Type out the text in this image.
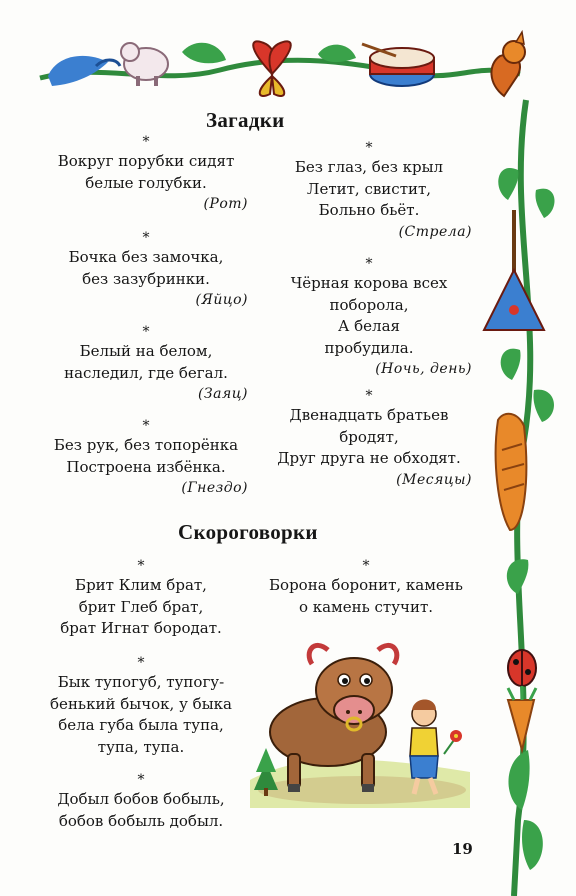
Загадки
*
Вокруг порубки сидят
белые голубки.
(Рот)
*
Бочка без замочка,
без зазубринки.
(Яйцо)
*
Белый на белом,
наследил, где бегал.
(Заяц)
*
Без рук, без топорёнка
Построена избёнка.
(Гнездо)
*
Без глаз, без крыл
Летит, свистит,
Больно бьёт.
(Стрела)
*
Чёрная корова всех
поборола,
А белая
пробудила.
(Ночь, день)
*
Двенадцать братьев
бродят,
Друг друга не обходят.
(Месяцы)
Скороговорки
*
Брит Клим брат,
брит Глеб брат,
брат Игнат бородат.
*
Бык тупогуб, тупогу-
бенький бычок, у быка
бела губа была тупа,
тупа, тупа.
*
Добыл бобов бобыль,
бобов бобыль добыл.
*
Борона боронит, камень
о камень стучит.
19
